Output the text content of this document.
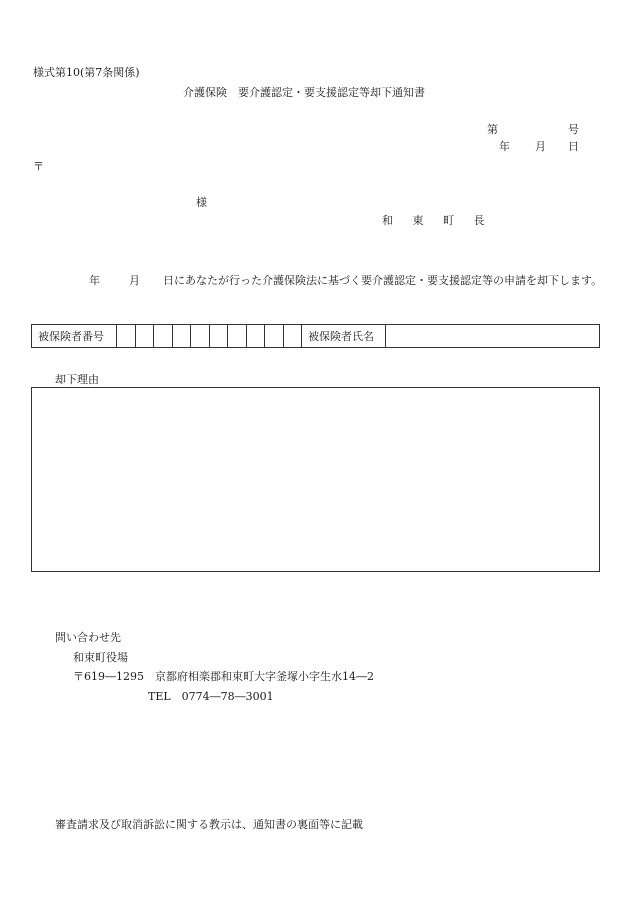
様式第10(第7条関係)
介護保険　要介護認定・要支援認定等却下通知書
第	号
年 月 日
〒
様
和 東 町 長
年	月 日にあなたが行った介護保険法に基づく要介護認定・要支援認定等の申請を却下します。
被保険者番号	被保険者氏名
却下理由
問い合わせ先
和束町役場
〒619―1295　京都府相楽郡和束町大字釜塚小字生水14―2
TEL　0774―78―3001
審査請求及び取消訴訟に関する教示は、通知書の裏面等に記載
